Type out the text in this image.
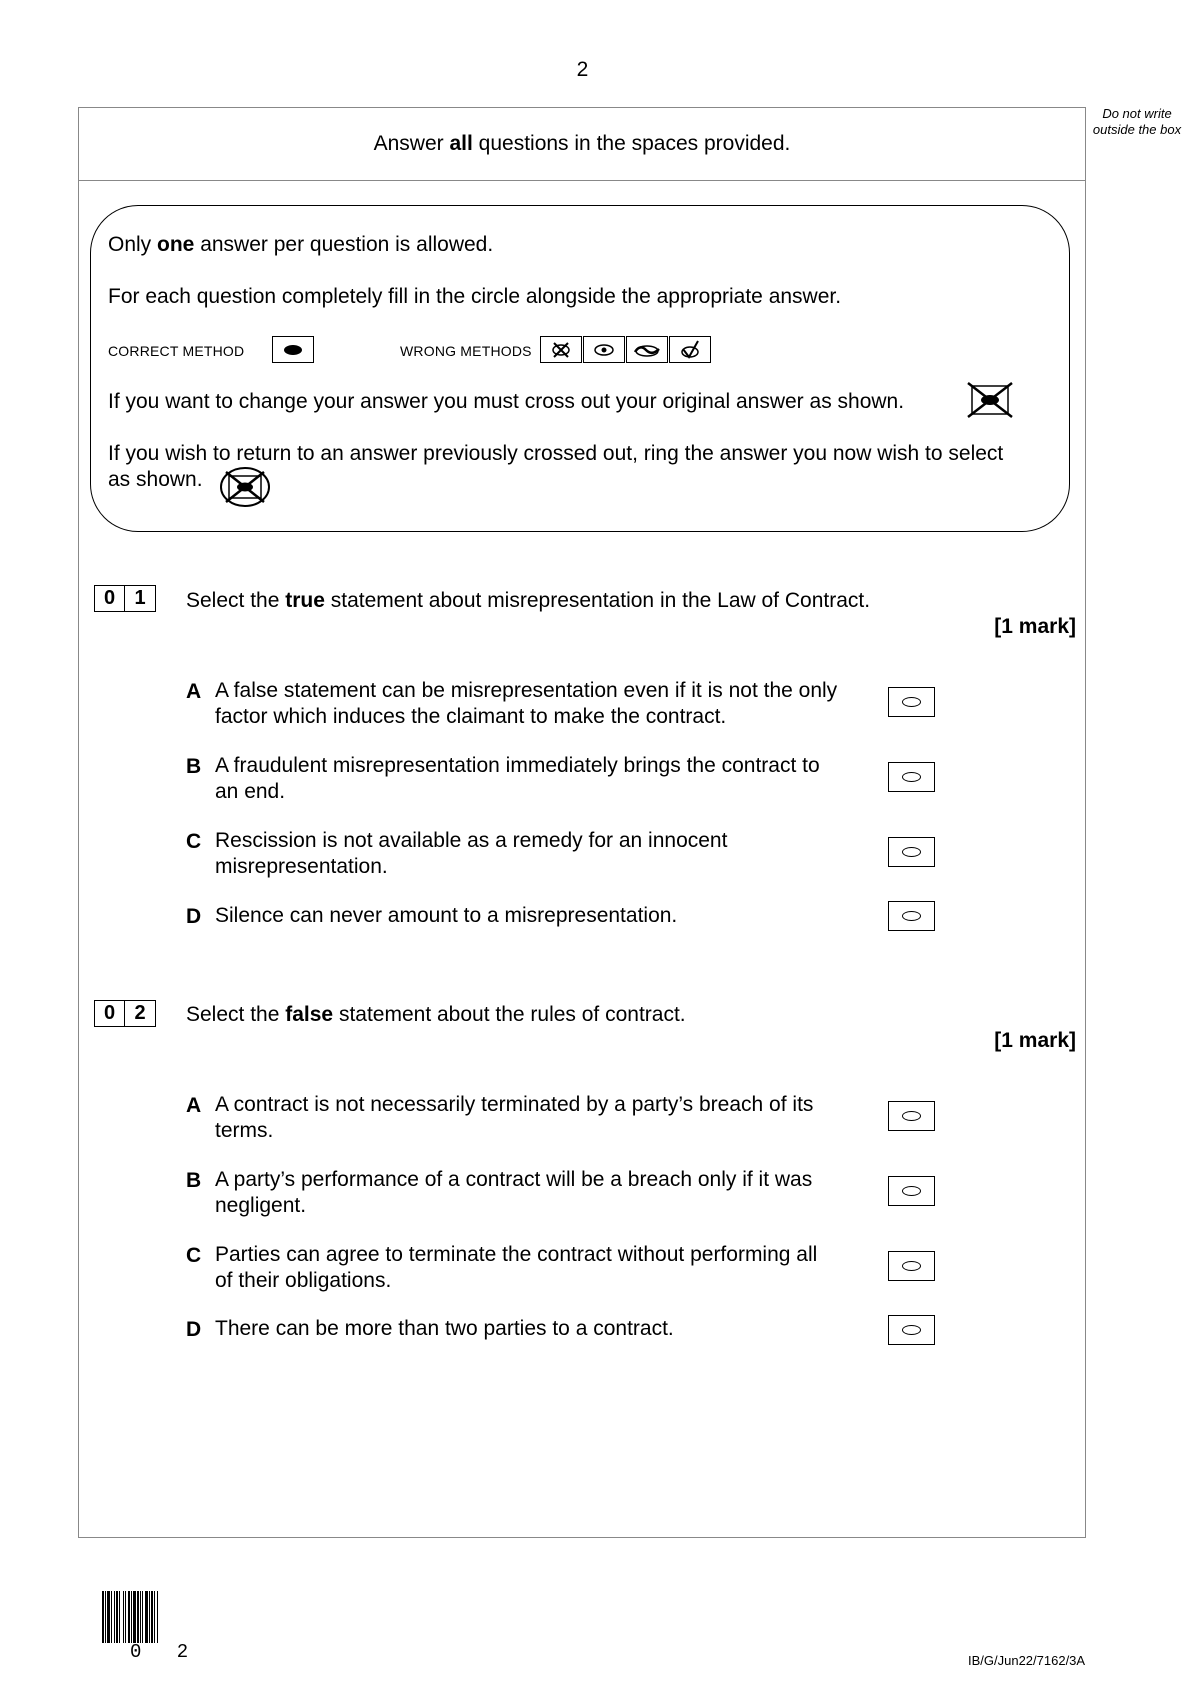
2
Do not write outside the box
Answer all questions in the spaces provided.
Only one answer per question is allowed.
For each question completely fill in the circle alongside the appropriate answer.
CORRECT METHOD	WRONG METHODS
If you want to change your answer you must cross out your original answer as shown.
If you wish to return to an answer previously crossed out, ring the answer you now wish to select
as shown.
0 1	Select the true statement about misrepresentation in the Law of Contract.
[1 mark]
A A false statement can be misrepresentation even if it is not the only
factor which induces the claimant to make the contract.
B A fraudulent misrepresentation immediately brings the contract to
an end.
C Rescission is not available as a remedy for an innocent
misrepresentation.
D Silence can never amount to a misrepresentation.
0 2	Select the false statement about the rules of contract.
[1 mark]
A A contract is not necessarily terminated by a party’s breach of its
terms.
B A party’s performance of a contract will be a breach only if it was
negligent.
C Parties can agree to terminate the contract without performing all
of their obligations.
D There can be more than two parties to a contract.
0 2	IB/G/Jun22/7162/3A
